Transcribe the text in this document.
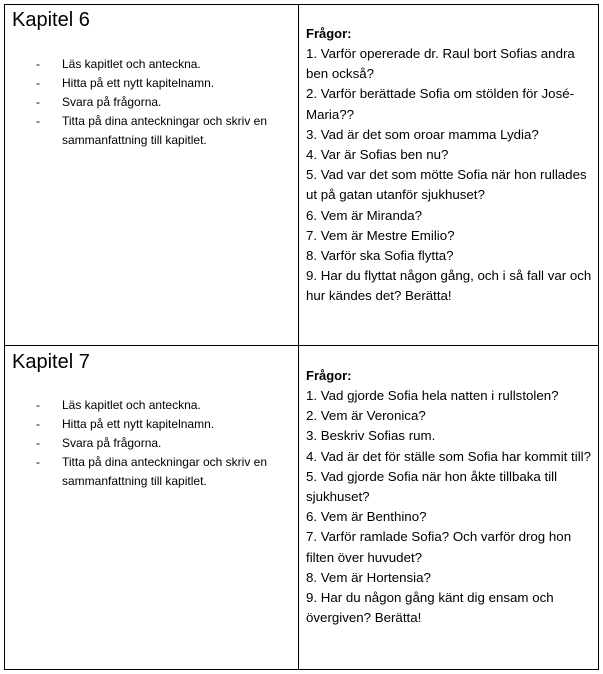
Kapitel 6
- Läs kapitlet och anteckna.
- Hitta på ett nytt kapitelnamn.
- Svara på frågorna.
- Titta på dina anteckningar och skriv en sammanfattning till kapitlet.
Frågor:
1. Varför opererade dr. Raul bort Sofias andra ben också?
2. Varför berättade Sofia om stölden för José-Maria??
3. Vad är det som oroar mamma Lydia?
4. Var är Sofias ben nu?
5. Vad var det som mötte Sofia när hon rullades ut på gatan utanför sjukhuset?
6. Vem är Miranda?
7. Vem är Mestre Emilio?
8. Varför ska Sofia flytta?
9. Har du flyttat någon gång, och i så fall var och hur kändes det? Berätta!
Kapitel 7
- Läs kapitlet och anteckna.
- Hitta på ett nytt kapitelnamn.
- Svara på frågorna.
- Titta på dina anteckningar och skriv en sammanfattning till kapitlet.
Frågor:
1. Vad gjorde Sofia hela natten i rullstolen?
2. Vem är Veronica?
3. Beskriv Sofias rum.
4. Vad är det för ställe som Sofia har kommit till?
5. Vad gjorde Sofia när hon åkte tillbaka till sjukhuset?
6. Vem är Benthino?
7. Varför ramlade Sofia? Och varför drog hon filten över huvudet?
8. Vem är Hortensia?
9. Har du någon gång känt dig ensam och övergiven? Berätta!
